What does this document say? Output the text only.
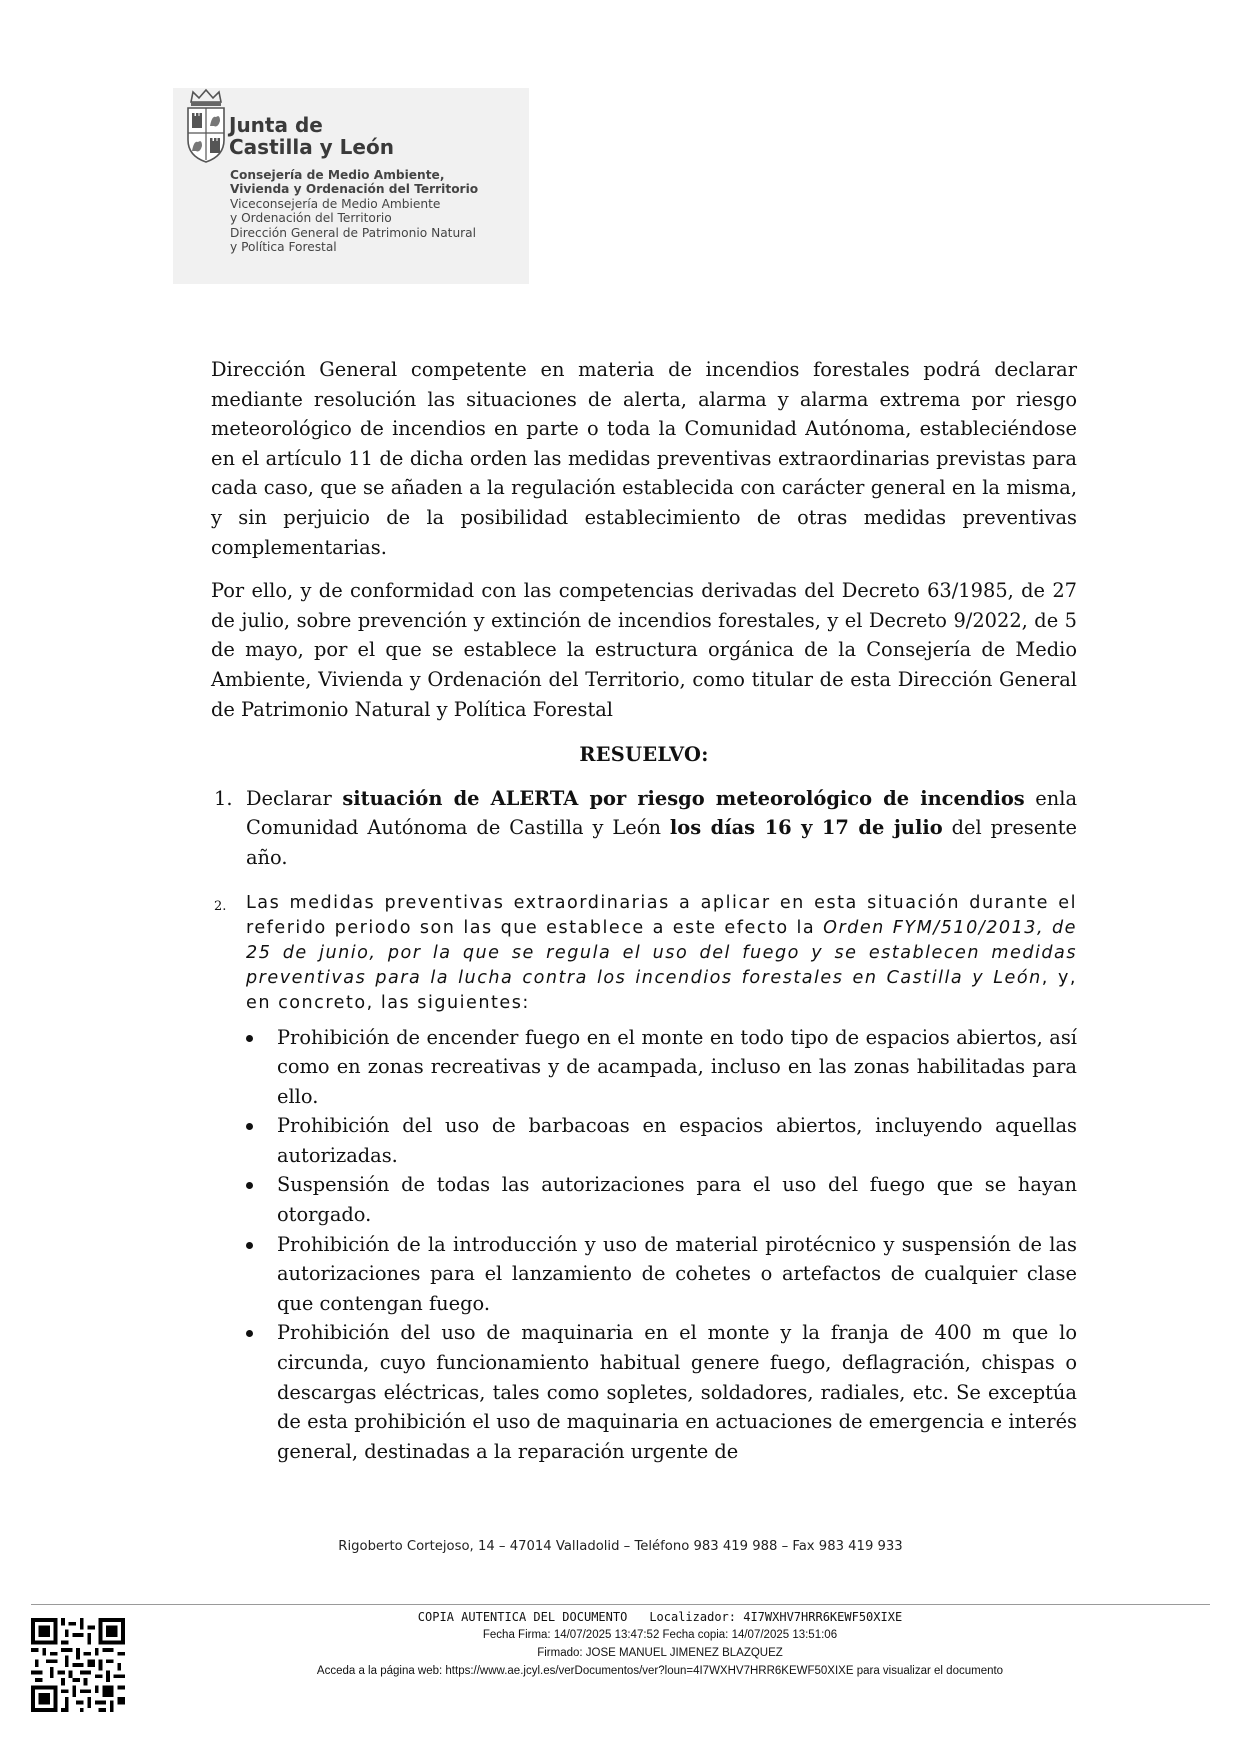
Junta de
Castilla y León
Consejería de Medio Ambiente,
Vivienda y Ordenación del Territorio
Viceconsejería de Medio Ambiente
y Ordenación del Territorio
Dirección General de Patrimonio Natural
y Política Forestal

Dirección General competente en materia de incendios forestales podrá declarar mediante resolución las situaciones de alerta, alarma y alarma extrema por riesgo meteorológico de incendios en parte o toda la Comunidad Autónoma, estableciéndose en el artículo 11 de dicha orden las medidas preventivas extraordinarias previstas para cada caso, que se añaden a la regulación establecida con carácter general en la misma, y sin perjuicio de la posibilidad establecimiento de otras medidas preventivas complementarias.

Por ello, y de conformidad con las competencias derivadas del Decreto 63/1985, de 27 de julio, sobre prevención y extinción de incendios forestales, y el Decreto 9/2022, de 5 de mayo, por el que se establece la estructura orgánica de la Consejería de Medio Ambiente, Vivienda y Ordenación del Territorio, como titular de esta Dirección General de Patrimonio Natural y Política Forestal

RESUELVO:
1. Declarar situación de ALERTA por riesgo meteorológico de incendios enla Comunidad Autónoma de Castilla y León los días 16 y 17 de julio del presente año.
2. Las medidas preventivas extraordinarias a aplicar en esta situación durante el referido periodo son las que establece a este efecto la Orden FYM/510/2013, de 25 de junio, por la que se regula el uso del fuego y se establecen medidas preventivas para la lucha contra los incendios forestales en Castilla y León, y, en concreto, las siguientes:
Prohibición de encender fuego en el monte en todo tipo de espacios abiertos, así como en zonas recreativas y de acampada, incluso en las zonas habilitadas para ello.
Prohibición del uso de barbacoas en espacios abiertos, incluyendo aquellas autorizadas.
Suspensión de todas las autorizaciones para el uso del fuego que se hayan otorgado.
Prohibición de la introducción y uso de material pirotécnico y suspensión de las autorizaciones para el lanzamiento de cohetes o artefactos de cualquier clase que contengan fuego.
Prohibición del uso de maquinaria en el monte y la franja de 400 m que lo circunda, cuyo funcionamiento habitual genere fuego, deflagración, chispas o descargas eléctricas, tales como sopletes, soldadores, radiales, etc. Se exceptúa de esta prohibición el uso de maquinaria en actuaciones de emergencia e interés general, destinadas a la reparación urgente de
Rigoberto Cortejoso, 14 – 47014 Valladolid – Teléfono 983 419 988 – Fax 983 419 933
COPIA AUTENTICA DEL DOCUMENTO Localizador: 4I7WXHV7HRR6KEWF50XIXE
Fecha Firma: 14/07/2025 13:47:52 Fecha copia: 14/07/2025 13:51:06
Firmado: JOSE MANUEL JIMENEZ BLAZQUEZ
Acceda a la página web: https://www.ae.jcyl.es/verDocumentos/ver?loun=4I7WXHV7HRR6KEWF50XIXE para visualizar el documento
